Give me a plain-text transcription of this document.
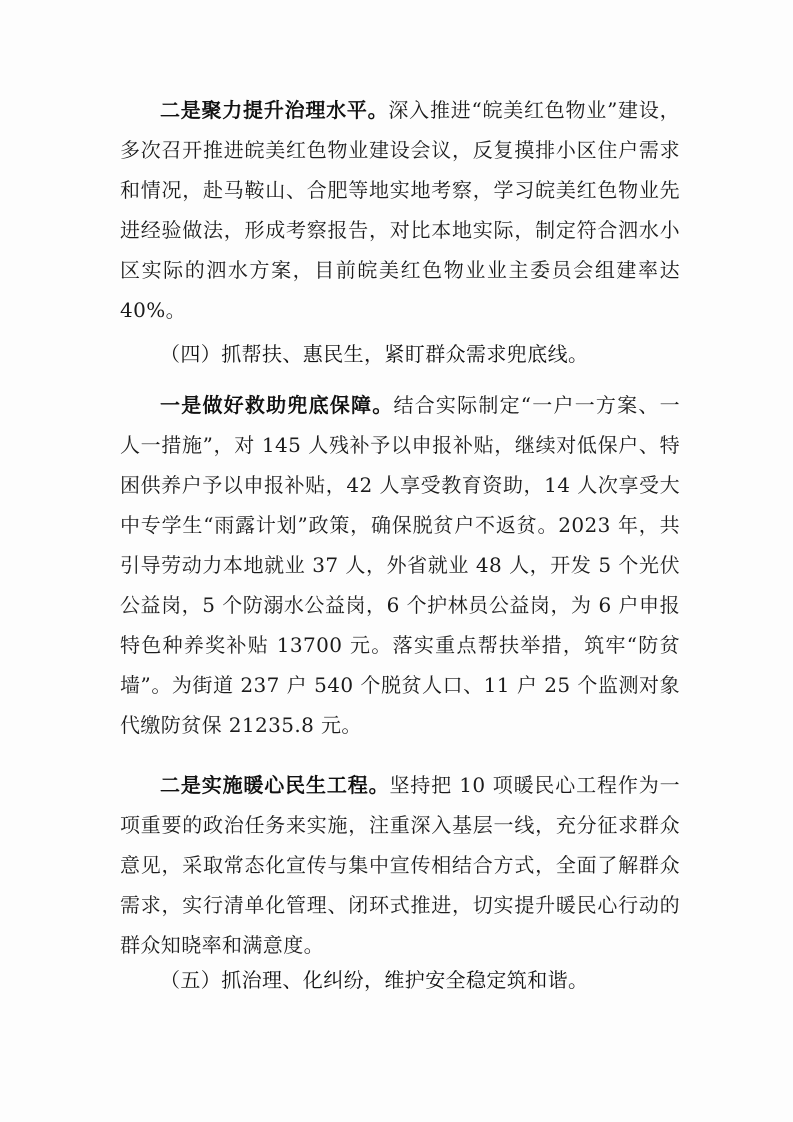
二是聚力提升治理水平。深入推进“皖美红色物业”建设，多次召开推进皖美红色物业建设会议，反复摸排小区住户需求和情况，赴马鞍山、合肥等地实地考察，学习皖美红色物业先进经验做法，形成考察报告，对比本地实际，制定符合泗水小区实际的泗水方案，目前皖美红色物业业主委员会组建率达 40%。

（四）抓帮扶、惠民生，紧盯群众需求兜底线。

一是做好救助兜底保障。结合实际制定“一户一方案、一人一措施”，对 145 人残补予以申报补贴，继续对低保户、特困供养户予以申报补贴，42 人享受教育资助，14 人次享受大中专学生“雨露计划”政策，确保脱贫户不返贫。2023 年，共引导劳动力本地就业 37 人，外省就业 48 人，开发 5 个光伏公益岗，5 个防溺水公益岗，6 个护林员公益岗，为 6 户申报特色种养奖补贴 13700 元。落实重点帮扶举措，筑牢“防贫墙”。为街道 237 户 540 个脱贫人口、11 户 25 个监测对象代缴防贫保 21235.8 元。

二是实施暖心民生工程。坚持把 10 项暖民心工程作为一项重要的政治任务来实施，注重深入基层一线，充分征求群众意见，采取常态化宣传与集中宣传相结合方式，全面了解群众需求，实行清单化管理、闭环式推进，切实提升暖民心行动的群众知晓率和满意度。

（五）抓治理、化纠纷，维护安全稳定筑和谐。
